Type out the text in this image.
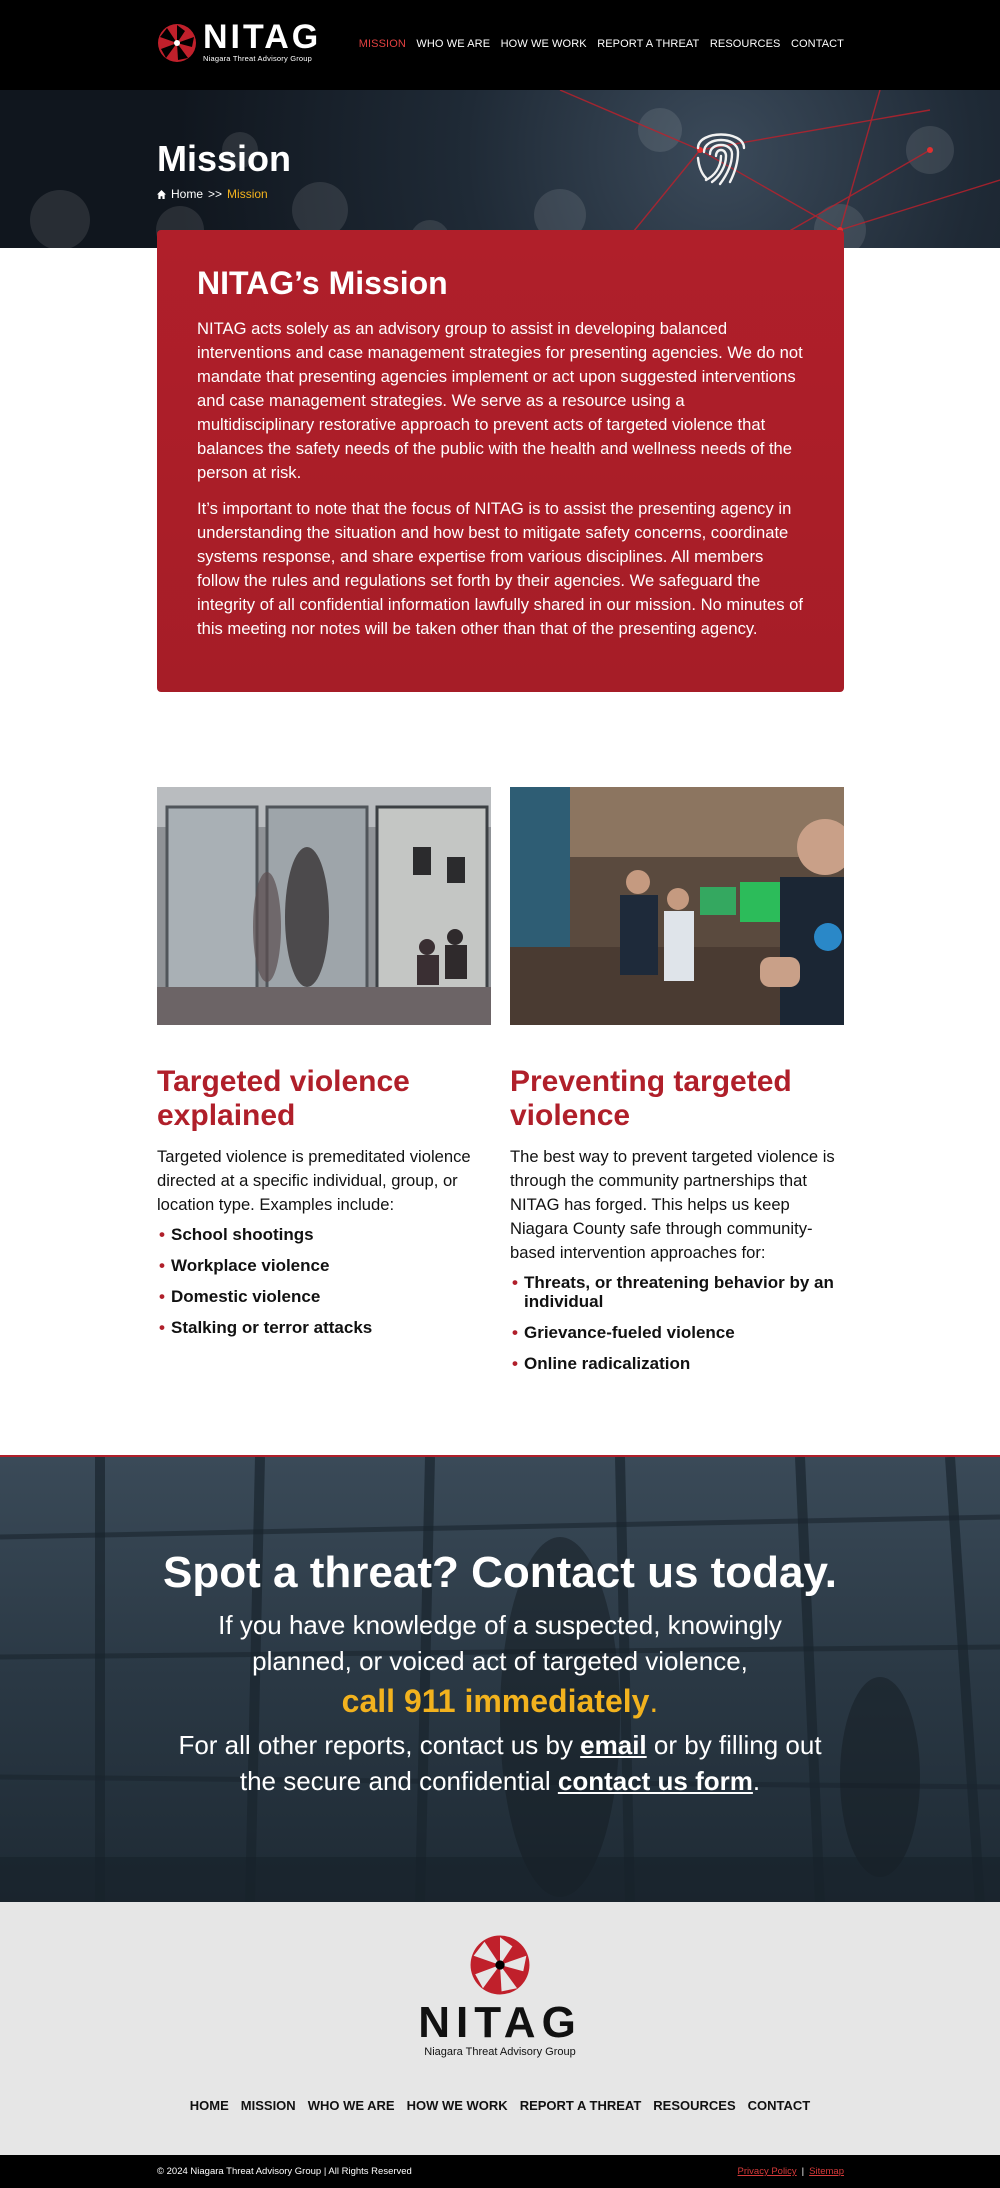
NITAG
Niagara Threat Advisory Group
MISSION WHO WE ARE HOW WE WORK REPORT A THREAT RESOURCES CONTACT
Mission
Home >> Mission
NITAG’s Mission

NITAG acts solely as an advisory group to assist in developing balanced interventions and case management strategies for presenting agencies. We do not mandate that presenting agencies implement or act upon suggested interventions and case management strategies. We serve as a resource using a multidisciplinary restorative approach to prevent acts of targeted violence that balances the safety needs of the public with the health and wellness needs of the person at risk.

It’s important to note that the focus of NITAG is to assist the presenting agency in understanding the situation and how best to mitigate safety concerns, coordinate systems response, and share expertise from various disciplines. All members follow the rules and regulations set forth by their agencies. We safeguard the integrity of all confidential information lawfully shared in our mission. No minutes of this meeting nor notes will be taken other than that of the presenting agency.

Targeted violence explained

Targeted violence is premeditated violence directed at a specific individual, group, or location type. Examples include:

• School shootings
• Workplace violence
• Domestic violence
• Stalking or terror attacks
Preventing targeted violence

The best way to prevent targeted violence is through the community partnerships that NITAG has forged. This helps us keep Niagara County safe through community-based intervention approaches for:

• Threats, or threatening behavior by an individual
• Grievance-fueled violence
• Online radicalization
Spot a threat? Contact us today.

If you have knowledge of a suspected, knowingly

planned, or voiced act of targeted violence,

call 911 immediately.

For all other reports, contact us by email or by filling out

the secure and confidential contact us form.

NITAG
Niagara Threat Advisory Group
HOME MISSION WHO WE ARE HOW WE WORK REPORT A THREAT RESOURCES CONTACT
© 2024 Niagara Threat Advisory Group | All Rights Reserved	Privacy Policy | Sitemap
